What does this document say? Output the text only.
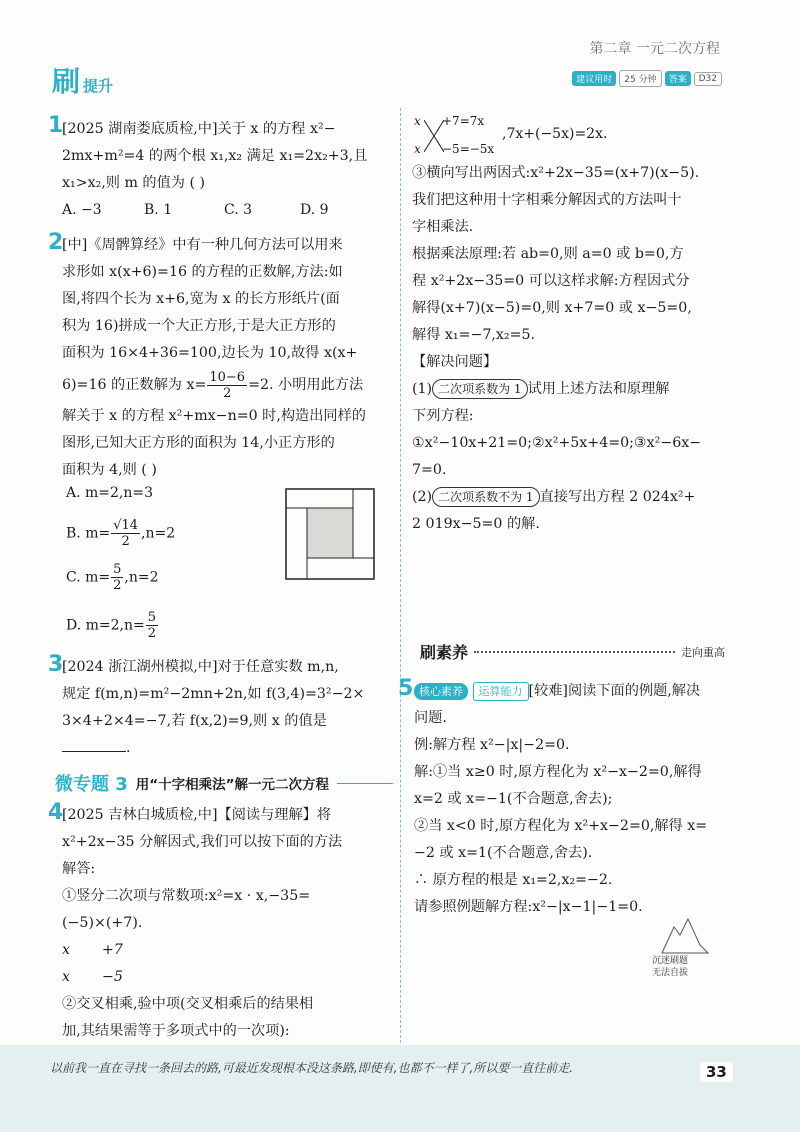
刷提升
第二章 一元二次方程
建议用时	25 分钟	答案	D32
1

[2025 湖南娄底质检,中]关于 x 的方程 x²−

2mx+m²=4 的两个根 x₁,x₂ 满足 x₁=2x₂+3,且

x₁>x₂,则 m 的值为 ( )

A. −3	B. 1	C. 3	D. 9

2

[中]《周髀算经》中有一种几何方法可以用来

求形如 x(x+6)=16 的方程的正数解,方法:如

图,将四个长为 x+6,宽为 x 的长方形纸片(面

积为 16)拼成一个大正方形,于是大正方形的

面积为 16×4+36=100,边长为 10,故得 x(x+

6)=16 的正数解为 $x= \frac{10-6}{2} =2$. 小明用此方法

解关于 x 的方程 x²+mx−n=0 时,构造出同样的

图形,已知大正方形的面积为 14,小正方形的

面积为 4,则 ( )

A. m=2,n=3
B. $m= \frac{√14}{2} ,n=2$
C. $m= \frac{5}{2} ,n=2$
D. $m=2,n= \frac{5}{2}$
3

[2024 浙江湖州模拟,中]对于任意实数 m,n,

规定 f(m,n)=m²−2mn+2n,如 f(3,4)=3²−2×

3×4+2×4=−7,若 f(x,2)=9,则 x 的值是

.

微专题 3 用“十字相乘法”解一元二次方程
4

[2025 吉林白城质检,中]【阅读与理解】将

x²+2x−35 分解因式,我们可以按下面的方法

解答:

①竖分二次项与常数项:x²=x · x,−35=

(−5)×(+7).

x +7

x −5

②交叉相乘,验中项(交叉相乘后的结果相

加,其结果需等于多项式中的一次项):

x
x
+7=7x
−5=−5x
,7x+(−5x)=2x.

③横向写出两因式:x²+2x−35=(x+7)(x−5).

我们把这种用十字相乘分解因式的方法叫十

字相乘法.

根据乘法原理:若 ab=0,则 a=0 或 b=0,方

程 x²+2x−35=0 可以这样求解:方程因式分

解得(x+7)(x−5)=0,则 x+7=0 或 x−5=0,

解得 x₁=−7,x₂=5.

【解决问题】

(1) 二次项系数为 1 试用上述方法和原理解

下列方程:

①x²−10x+21=0;②x²+5x+4=0;③x²−6x−

7=0.

(2) 二次项系数不为 1 直接写出方程 2 024x²+

2 019x−5=0 的解.

刷素养	走向重高
5 核心素养 运算能力 [较难]阅读下面的例题,解决

问题.

例:解方程 x²−|x|−2=0.

解:①当 x≥0 时,原方程化为 x²−x−2=0,解得

x=2 或 x=−1(不合题意,舍去);

②当 x<0 时,原方程化为 x²+x−2=0,解得 x=

−2 或 x=1(不合题意,舍去).

∴ 原方程的根是 x₁=2,x₂=−2.

请参照例题解方程:x²−|x−1|−1=0.

沉迷刷题
无法自拔
以前我一直在寻找一条回去的路,可最近发现根本没这条路,即使有,也都不一样了,所以要一直往前走.	33
